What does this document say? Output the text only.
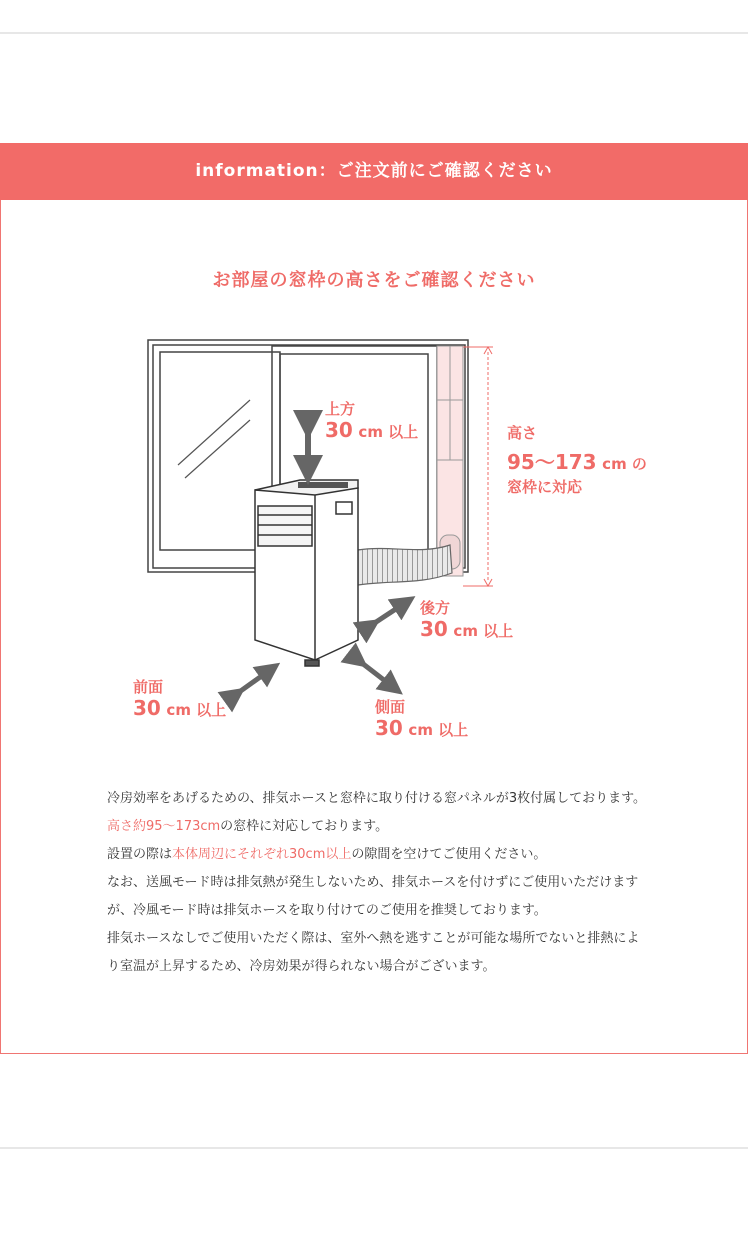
information：ご注文前にご確認ください
お部屋の窓枠の高さをご確認ください
上方
30 cm 以上	高さ
95～173 cm の
窓枠に対応
後方
30 cm 以上
前面
30 cm 以上	側面
30 cm 以上
冷房効率をあげるための、排気ホースと窓枠に取り付ける窓パネルが3枚付属しております。高さ約95～173cmの窓枠に対応しております。
設置の際は本体周辺にそれぞれ30cm以上の隙間を空けてご使用ください。
なお、送風モード時は排気熱が発生しないため、排気ホースを付けずにご使用いただけますが、冷風モード時は排気ホースを取り付けてのご使用を推奨しております。
排気ホースなしでご使用いただく際は、室外へ熱を逃すことが可能な場所でないと排熱により室温が上昇するため、冷房効果が得られない場合がございます。
